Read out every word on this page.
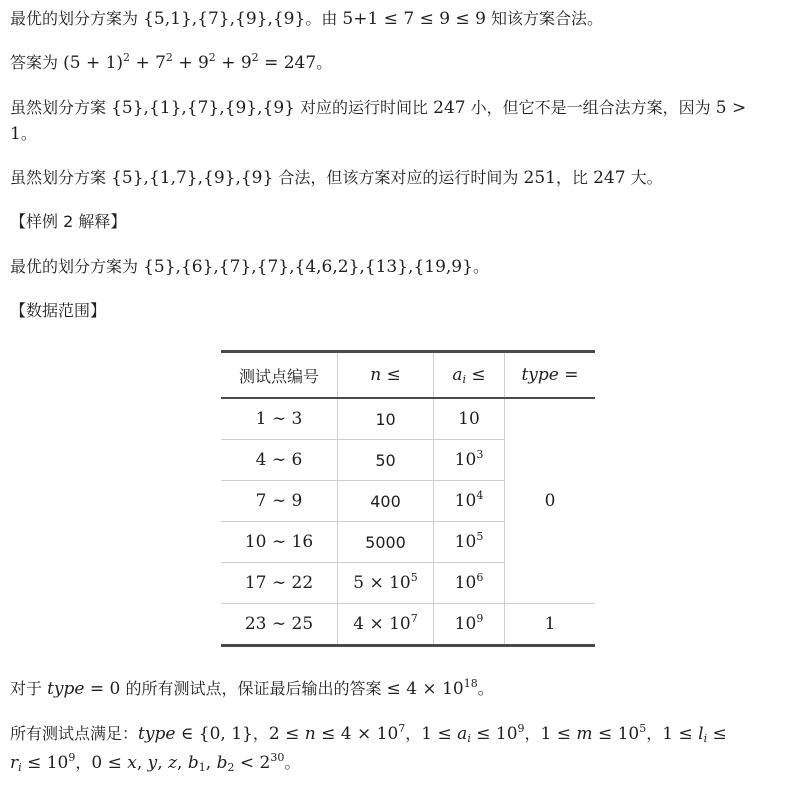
最优的划分方案为 {5,1},{7},{9},{9}。由 5+1 ≤ 7 ≤ 9 ≤ 9 知该方案合法。
答案为 $(5 + 1)^2 + 7^2 + 9^2 + 9^2 = 247$。
虽然划分方案 {5},{1},{7},{9},{9} 对应的运行时间比 247 小，但它不是一组合法方案，因为 5 >
1。
虽然划分方案 {5},{1,7},{9},{9} 合法，但该方案对应的运行时间为 251，比 247 大。
【样例 2 解释】
最优的划分方案为 {5},{6},{7},{7},{4,6,2},{13},{19,9}。
【数据范围】
测试点编号	n ≤	$a_i$ ≤	type =
1 ∼ 3	10	10	0
4 ∼ 6	50	$10^3$
7 ∼ 9	400	$10^4$
10 ∼ 16	5000	$10^5$
17 ∼ 22	$5 \times 10^5$	$10^6$
23 ∼ 25	$4 \times 10^7$	$10^9$	1
对于 type = 0 的所有测试点，保证最后输出的答案 ≤ $4 \times 10^{18}$。
所有测试点满足：type ∈ {0, 1}，$2 \le n \le 4 \times 10^7$，$1 \le a_i \le 10^9$，$1 \le m \le 10^5$，$1 \le l_i$ ≤
$r_i \le 10^9$，0 ≤ x, y, z, $b_1$, $b_2 < 2^{30}$。
